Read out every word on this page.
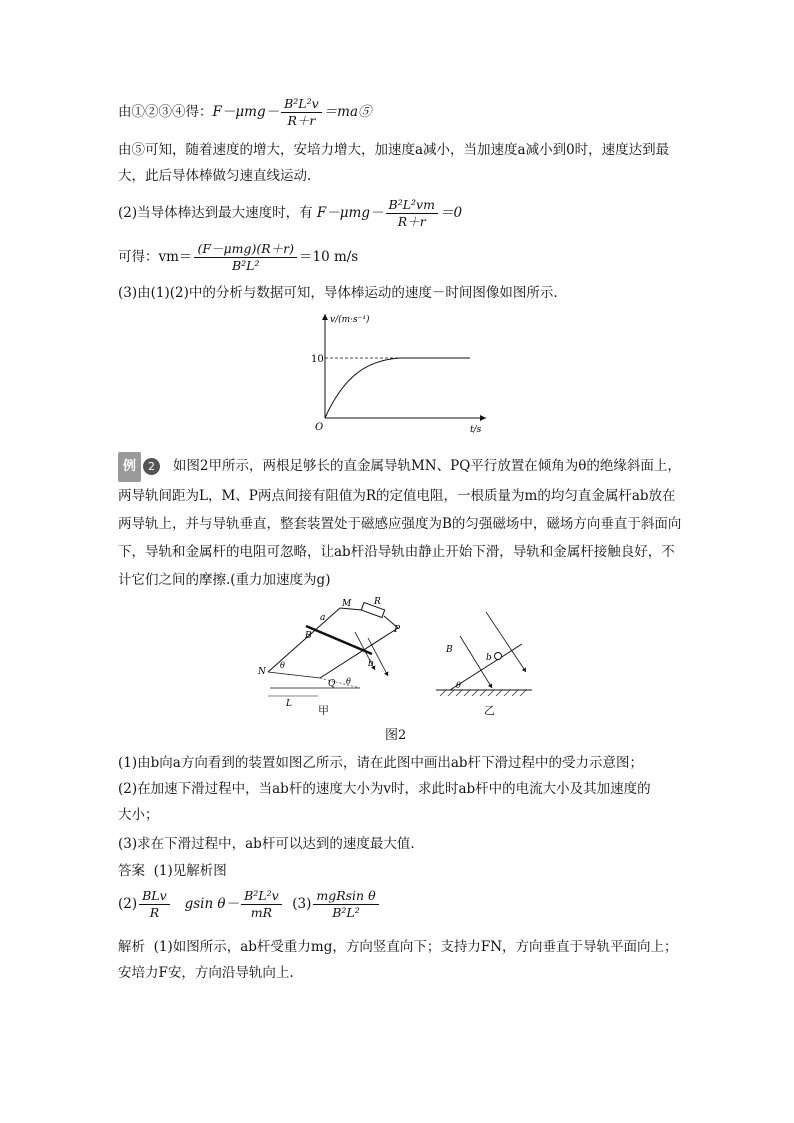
由①②③④得：$F-\mu mg- \frac{\text{B²L²v}}{R+r}$ ＝ma⑤
由⑤可知，随着速度的增大，安培力增大，加速度a减小，当加速度a减小到0时，速度达到最大，此后导体棒做匀速直线运动.
(2)当导体棒达到最大速度时，有 $F-\mu mg- \frac{\text{B²L²vm}}{R+r} =0$
可得：$vm= \frac{\text{(F－μmg)(R＋r)}}{\text{B²L²}} =10$ m/s
(3)由(1)(2)中的分析与数据可知，导体棒运动的速度－时间图像如图所示.
v/(m·s⁻¹)
t/s
O
10
例 2 如图2甲所示，两根足够长的直金属导轨MN、PQ平行放置在倾角为θ的绝缘斜面上，两导轨间距为L，M、P两点间接有阻值为R的定值电阻，一根质量为m的均匀直金属杆ab放在两导轨上，并与导轨垂直，整套装置处于磁感应强度为B的匀强磁场中，磁场方向垂直于斜面向下，导轨和金属杆的电阻可忽略，让ab杆沿导轨由静止开始下滑，导轨和金属杆接触良好，不计它们之间的摩擦.(重力加速度为g)
M	R
P
a
B
b
N
θ
Q
L
θ
甲
B
b
θ
乙
图2
(1)由b向a方向看到的装置如图乙所示，请在此图中画出ab杆下滑过程中的受力示意图；
(2)在加速下滑过程中，当ab杆的速度大小为v时，求此时ab杆中的电流大小及其加速度的
大小；
(3)求在下滑过程中，ab杆可以达到的速度最大值.
答案 (1)见解析图
$(2) \frac{\text{BLv}}{R}$ gsin $\theta- \frac{\text{B²L²v}}{mR} (3) \frac{\text{mgRsin θ}}{\text{B²L²}}$
解析 (1)如图所示，ab杆受重力mg，方向竖直向下；支持力FN，方向垂直于导轨平面向上；
安培力F安，方向沿导轨向上.
